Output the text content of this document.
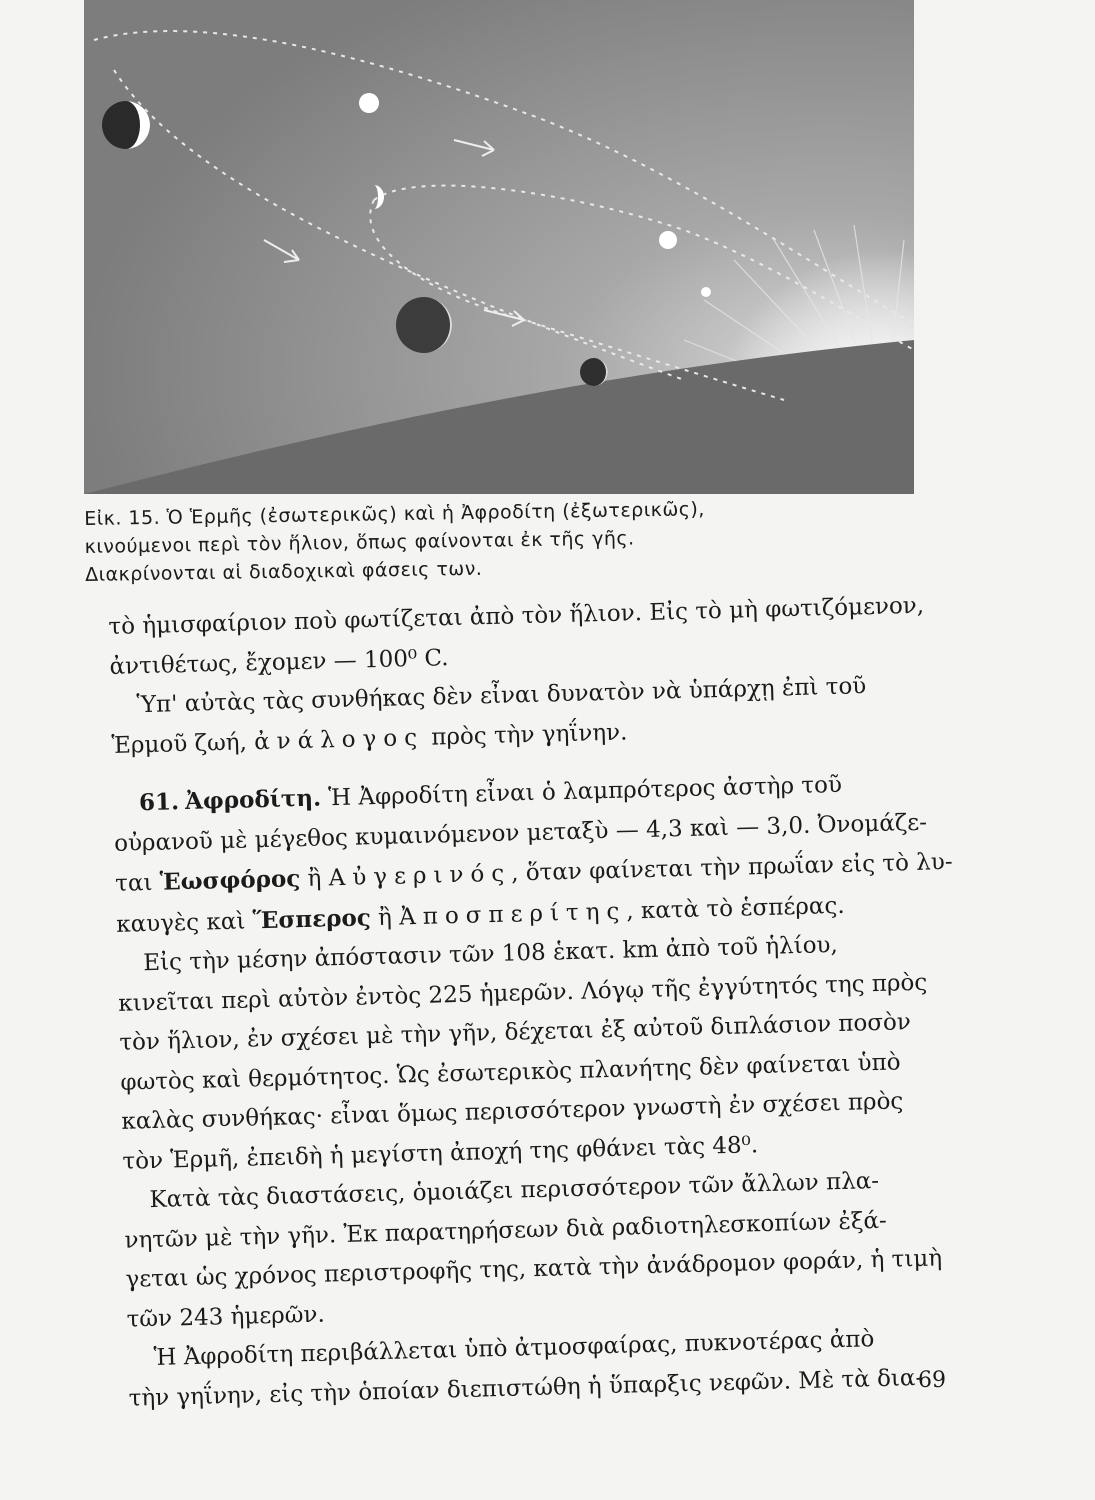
Εἰκ. 15. Ὁ Ἑρμῆς (ἐσωτερικῶς) καὶ ἡ Ἀφροδίτη (ἐξωτερικῶς),
κινούμενοι περὶ τὸν ἥλιον, ὅπως φαίνονται ἐκ τῆς γῆς.
Διακρίνονται αἱ διαδοχικαὶ φάσεις των.
τὸ ἡμισφαίριον ποὺ φωτίζεται ἀπὸ τὸν ἥλιον. Εἰς τὸ μὴ φωτιζόμενον,
ἀντιθέτως, ἔχομεν — 100⁰ C.
Ὑπ' αὐτὰς τὰς συνθήκας δὲν εἶναι δυνατὸν νὰ ὑπάρχῃ ἐπὶ τοῦ
Ἑρμοῦ ζωή, ἀνάλογος πρὸς τὴν γηΐνην.
61. Ἀφροδίτη. Ἡ Ἀφροδίτη εἶναι ὁ λαμπρότερος ἀστὴρ τοῦ
οὐρανοῦ μὲ μέγεθος κυμαινόμενον μεταξὺ — 4,3 καὶ — 3,0. Ὀνομάζε-
ται Ἑωσφόρος ἢ Αὐγερινός, ὅταν φαίνεται τὴν πρωΐαν εἰς τὸ λυ-
καυγὲς καὶ Ἕσπερος ἢ Ἀποσπερίτης, κατὰ τὸ ἑσπέρας.
Εἰς τὴν μέσην ἀπόστασιν τῶν 108 ἑκατ. km ἀπὸ τοῦ ἡλίου,
κινεῖται περὶ αὐτὸν ἐντὸς 225 ἡμερῶν. Λόγῳ τῆς ἐγγύτητός της πρὸς
τὸν ἥλιον, ἐν σχέσει μὲ τὴν γῆν, δέχεται ἐξ αὐτοῦ διπλάσιον ποσὸν
φωτὸς καὶ θερμότητος. Ὡς ἐσωτερικὸς πλανήτης δὲν φαίνεται ὑπὸ
καλὰς συνθήκας· εἶναι ὅμως περισσότερον γνωστὴ ἐν σχέσει πρὸς
τὸν Ἑρμῆ, ἐπειδὴ ἡ μεγίστη ἀποχή της φθάνει τὰς 48⁰.
Κατὰ τὰς διαστάσεις, ὁμοιάζει περισσότερον τῶν ἄλλων πλα-
νητῶν μὲ τὴν γῆν. Ἐκ παρατηρήσεων διὰ ραδιοτηλεσκοπίων ἐξά-
γεται ὡς χρόνος περιστροφῆς της, κατὰ τὴν ἀνάδρομον φοράν, ἡ τιμὴ
τῶν 243 ἡμερῶν.
Ἡ Ἀφροδίτη περιβάλλεται ὑπὸ ἀτμοσφαίρας, πυκνοτέρας ἀπὸ
τὴν γηΐνην, εἰς τὴν ὁποίαν διεπιστώθη ἡ ὕπαρξις νεφῶν. Μὲ τὰ δια-
69
